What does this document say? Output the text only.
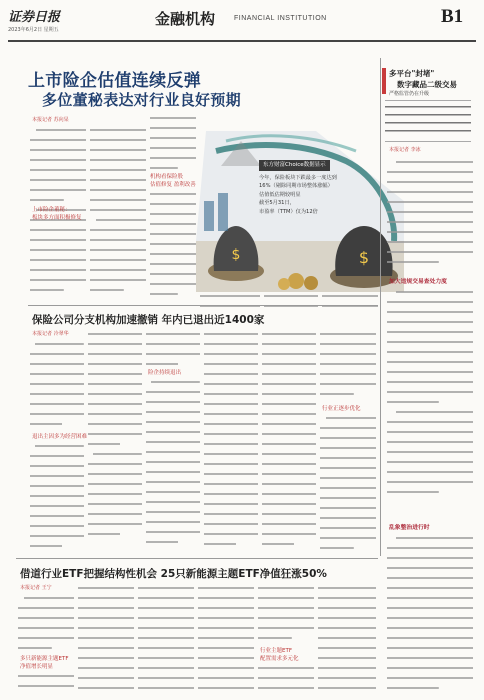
证券日报
2023年6月2日 星期五
金融机构	FINANCIAL INSTITUTION	B1
上市险企估值连续反弹
多位董秘表达对行业良好预期
本报记者 苏向杲
上市险企董秘：
板块多方面积极修复
机构看保险股
估值修复 盈利改善
$	$
东方财富Choice数据显示

今年，保险板块下跌最多一度达到

16%（剔除同期市场整体涨幅）

估值低估期较明显

截至5月31日，

市盈率（TTM）仅为12倍

多平台"封堵"
数字藏品二级交易
严格监管仍在升级
本报记者 李冰
加大违规交易查处力度
乱象整治进行时
保险公司分支机构加速撤销 年内已退出近1400家
本报记者 冷翠华
退出主因多为经营困难
险企持续退出
行业正逐步优化
借道行业ETF把握结构性机会 25只新能源主题ETF净值狂涨50%
本报记者 王宁
多只新能源主题ETF
净值增长明显
行业主题ETF
配置需求多元化
